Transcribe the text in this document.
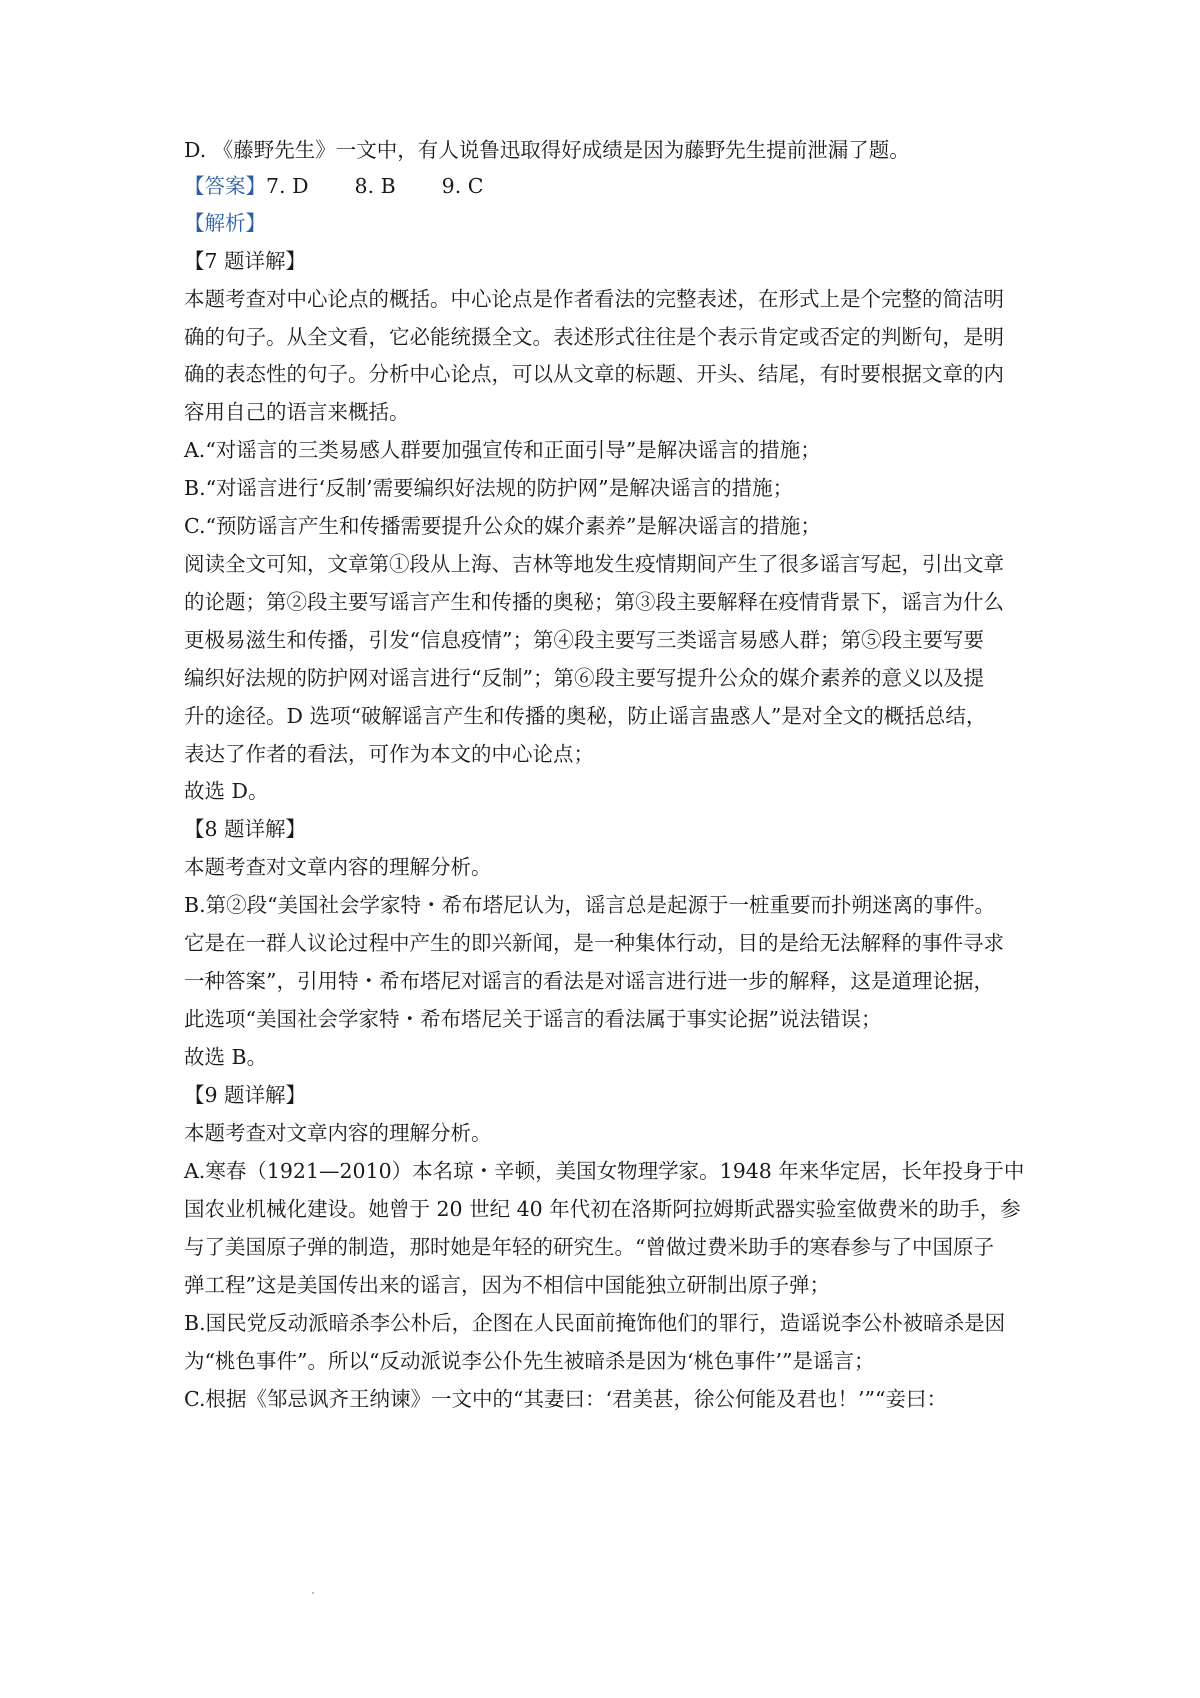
D. 《藤野先生》一文中，有人说鲁迅取得好成绩是因为藤野先生提前泄漏了题。
【答案】7. D 8. B 9. C
【解析】
【7 题详解】
本题考查对中心论点的概括。中心论点是作者看法的完整表述，在形式上是个完整的简洁明
确的句子。从全文看，它必能统摄全文。表述形式往往是个表示肯定或否定的判断句，是明
确的表态性的句子。分析中心论点，可以从文章的标题、开头、结尾，有时要根据文章的内
容用自己的语言来概括。
A.“对谣言的三类易感人群要加强宣传和正面引导”是解决谣言的措施；
B.“对谣言进行‘反制’需要编织好法规的防护网”是解决谣言的措施；
C.“预防谣言产生和传播需要提升公众的媒介素养”是解决谣言的措施；
阅读全文可知，文章第①段从上海、吉林等地发生疫情期间产生了很多谣言写起，引出文章
的论题；第②段主要写谣言产生和传播的奥秘；第③段主要解释在疫情背景下，谣言为什么
更极易滋生和传播，引发“信息疫情”；第④段主要写三类谣言易感人群；第⑤段主要写要
编织好法规的防护网对谣言进行“反制”；第⑥段主要写提升公众的媒介素养的意义以及提
升的途径。D 选项“破解谣言产生和传播的奥秘，防止谣言蛊惑人”是对全文的概括总结，
表达了作者的看法，可作为本文的中心论点；
故选 D。
【8 题详解】
本题考查对文章内容的理解分析。
B.第②段“美国社会学家特・希布塔尼认为，谣言总是起源于一桩重要而扑朔迷离的事件。
它是在一群人议论过程中产生的即兴新闻，是一种集体行动，目的是给无法解释的事件寻求
一种答案”，引用特・希布塔尼对谣言的看法是对谣言进行进一步的解释，这是道理论据，
此选项“美国社会学家特・希布塔尼关于谣言的看法属于事实论据”说法错误；
故选 B。
【9 题详解】
本题考查对文章内容的理解分析。
A.寒春（1921—2010）本名琼・辛顿，美国女物理学家。1948 年来华定居，长年投身于中
国农业机械化建设。她曾于 20 世纪 40 年代初在洛斯阿拉姆斯武器实验室做费米的助手，参
与了美国原子弹的制造，那时她是年轻的研究生。“曾做过费米助手的寒春参与了中国原子
弹工程”这是美国传出来的谣言，因为不相信中国能独立研制出原子弹；
B.国民党反动派暗杀李公朴后，企图在人民面前掩饰他们的罪行，造谣说李公朴被暗杀是因
为“桃色事件”。所以“反动派说李公仆先生被暗杀是因为‘桃色事件’”是谣言；
C.根据《邹忌讽齐王纳谏》一文中的“其妻曰：‘君美甚，徐公何能及君也！’”“妾曰：
